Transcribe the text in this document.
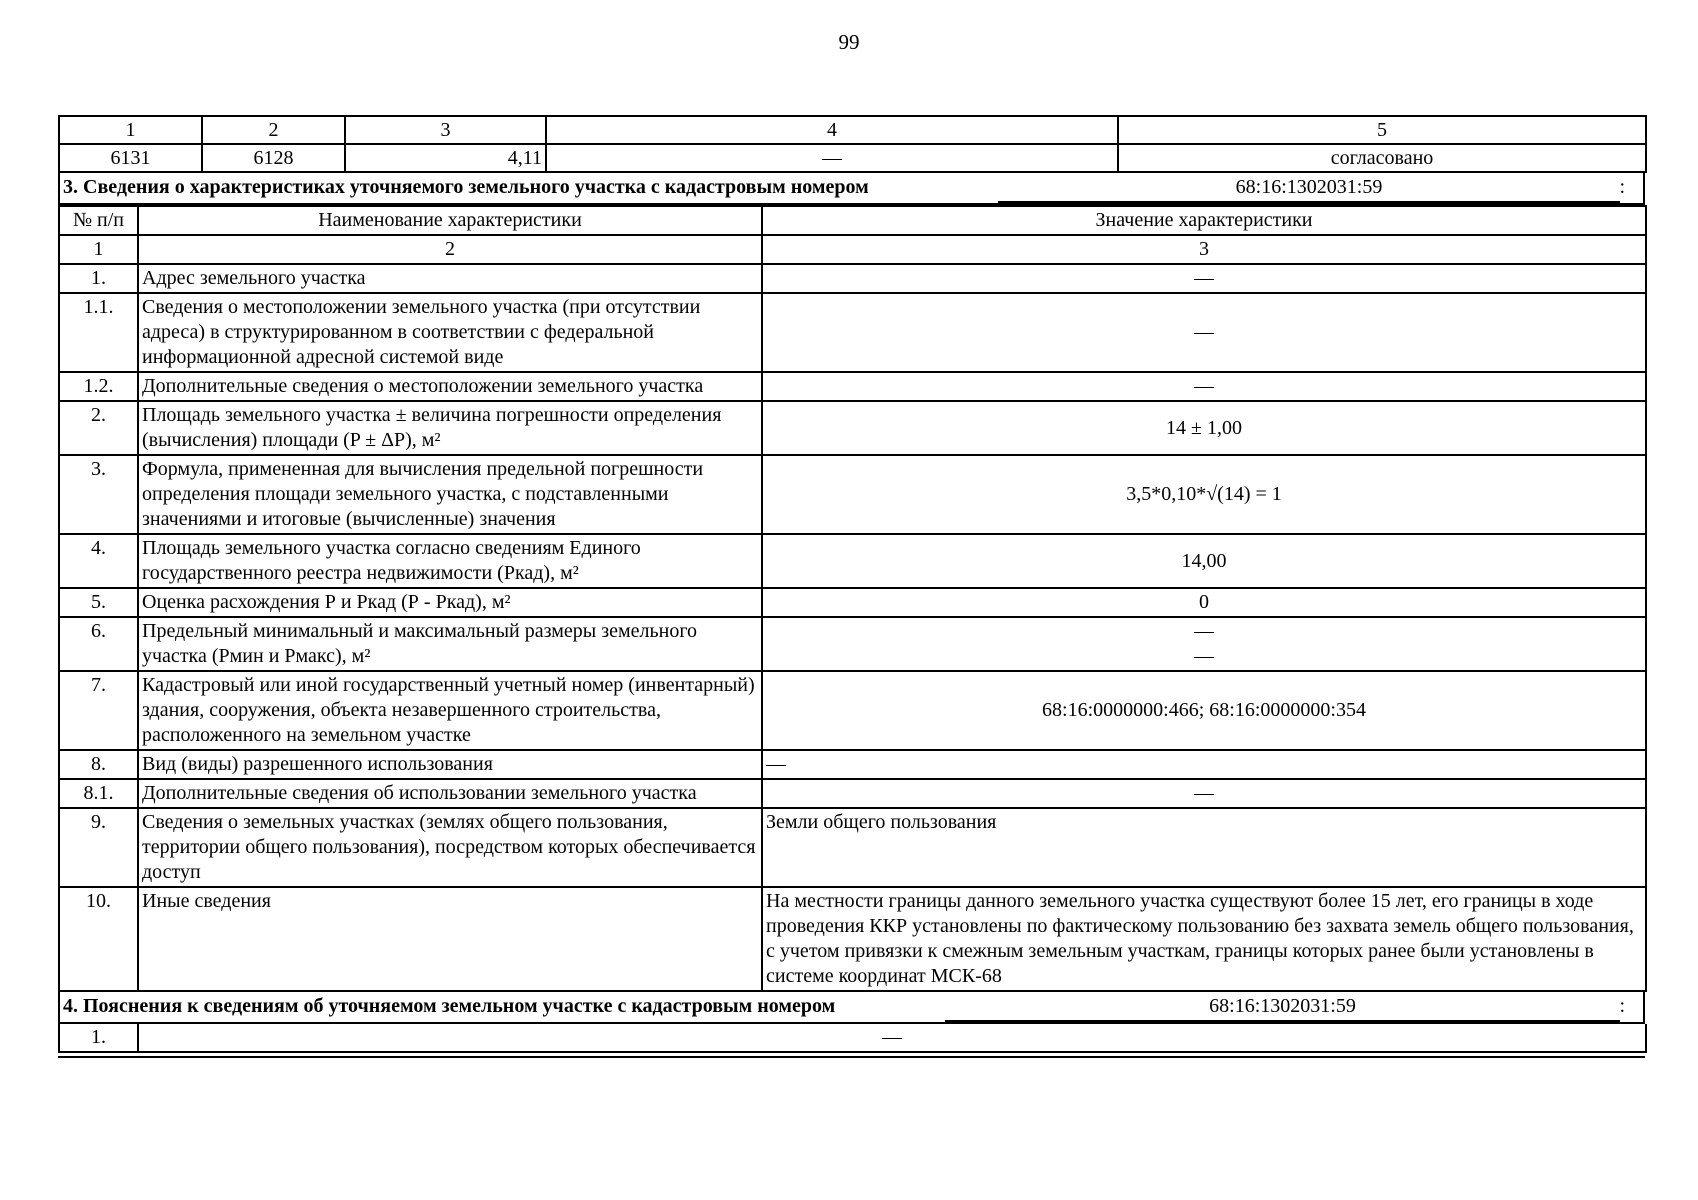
99
1	2	3	4	5
6131	6128	4,11	—	согласовано
3. Сведения о характеристиках уточняемого земельного участка с кадастровым номером	68:16:1302031:59	:
№ п/п	Наименование характеристики	Значение характеристики
1	2	3
1.	Адрес земельного участка	—
1.1.	Сведения о местоположении земельного участка (при отсутствии адреса) в структурированном в соответствии с федеральной информационной адресной системой виде	—
1.2.	Дополнительные сведения о местоположении земельного участка	—
2.	Площадь земельного участка ± величина погрешности определения (вычисления) площади (P ± ΔP), м²	14 ± 1,00
3.	Формула, примененная для вычисления предельной погрешности определения площади земельного участка, с подставленными значениями и итоговые (вычисленные) значения	3,5*0,10*√(14) = 1
4.	Площадь земельного участка согласно сведениям Единого государственного реестра недвижимости (Ркад), м²	14,00
5.	Оценка расхождения Р и Ркад (Р - Ркад), м²	0
6.	Предельный минимальный и максимальный размеры земельного участка (Pмин и Pмакс), м²	—
—
7.	Кадастровый или иной государственный учетный номер (инвентарный) здания, сооружения, объекта незавершенного строительства, расположенного на земельном участке	68:16:0000000:466; 68:16:0000000:354
8.	Вид (виды) разрешенного использования	—
8.1.	Дополнительные сведения об использовании земельного участка	—
9.	Сведения о земельных участках (землях общего пользования, территории общего пользования), посредством которых обеспечивается доступ	Земли общего пользования
10.	Иные сведения	На местности границы данного земельного участка существуют более 15 лет, его границы в ходе проведения ККР установлены по фактическому пользованию без захвата земель общего пользования, с учетом привязки к смежным земельным участкам, границы которых ранее были установлены в системе координат МСК-68
4. Пояснения к сведениям об уточняемом земельном участке с кадастровым номером	68:16:1302031:59	:
1.	—
